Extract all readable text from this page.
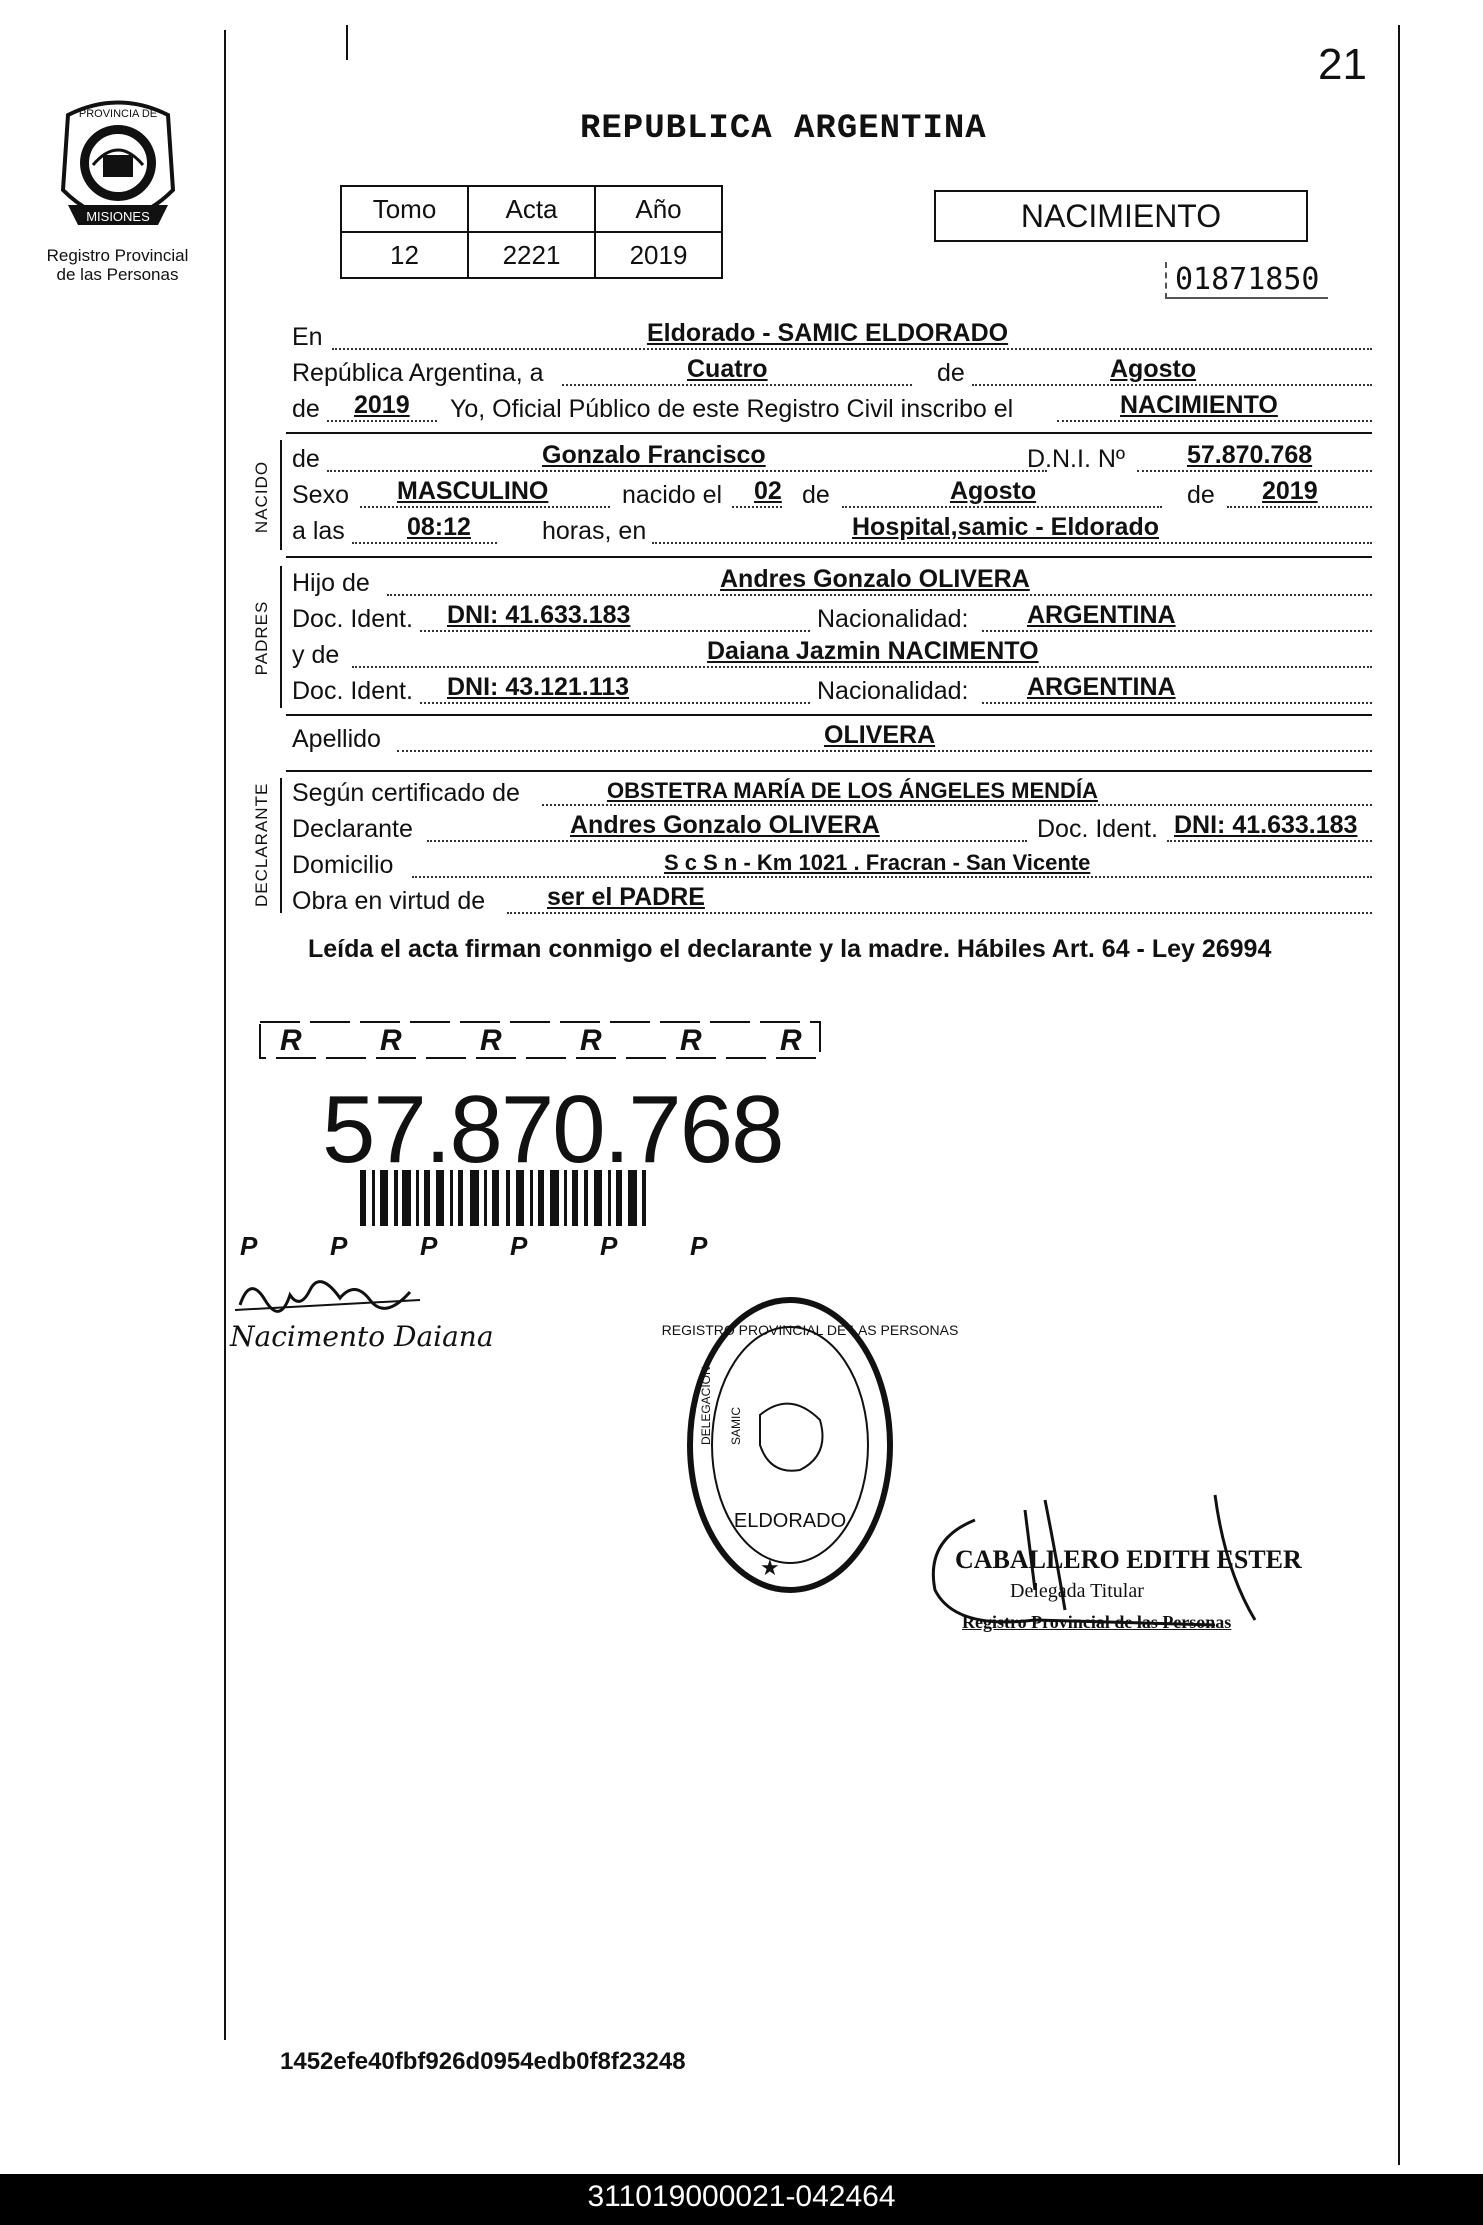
21
REPUBLICA ARGENTINA
MISIONES
PROVINCIA DE
Registro Provincial
de las Personas
Tomo	Acta	Año
12	2221	2019
NACIMIENTO
01871850
En	Eldorado - SAMIC ELDORADO
República Argentina, a	Cuatro	de	Agosto
de 2019 Yo, Oficial Público de este Registro Civil inscribo el	NACIMIENTO
de	Gonzalo Francisco	D.N.I. Nº 57.870.768
Sexo MASCULINO	nacido el 02 de	Agosto	de 2019
a las 08:12	horas, en	Hospital,samic - Eldorado
Hijo de	Andres Gonzalo OLIVERA
Doc. Ident. DNI: 41.633.183	Nacionalidad: ARGENTINA
y de	Daiana Jazmin NACIMENTO
Doc. Ident. DNI: 43.121.113	Nacionalidad: ARGENTINA
Apellido	OLIVERA
Según certificado de	OBSTETRA MARÍA DE LOS ÁNGELES MENDÍA
Declarante	Andres Gonzalo OLIVERA	Doc. Ident. DNI: 41.633.183
Domicilio	S c S n - Km 1021 . Fracran - San Vicente
Obra en virtud de ser el PADRE
NACIDO
PADRES
DECLARANTE
Leída el acta firman conmigo el declarante y la madre. Hábiles Art. 64 - Ley 26994
R	R	R	R	R	R
P	P	P	P	P	P
57.870.768
Nacimento Daiana
ELDORADO
REGISTRO PROVINCIAL DE LAS PERSONAS
DELEGACION SAMIC
★	CABALLERO EDITH ESTER
Delegada Titular
Registro Provincial de las Personas
1452efe40fbf926d0954edb0f8f23248
311019000021-042464
